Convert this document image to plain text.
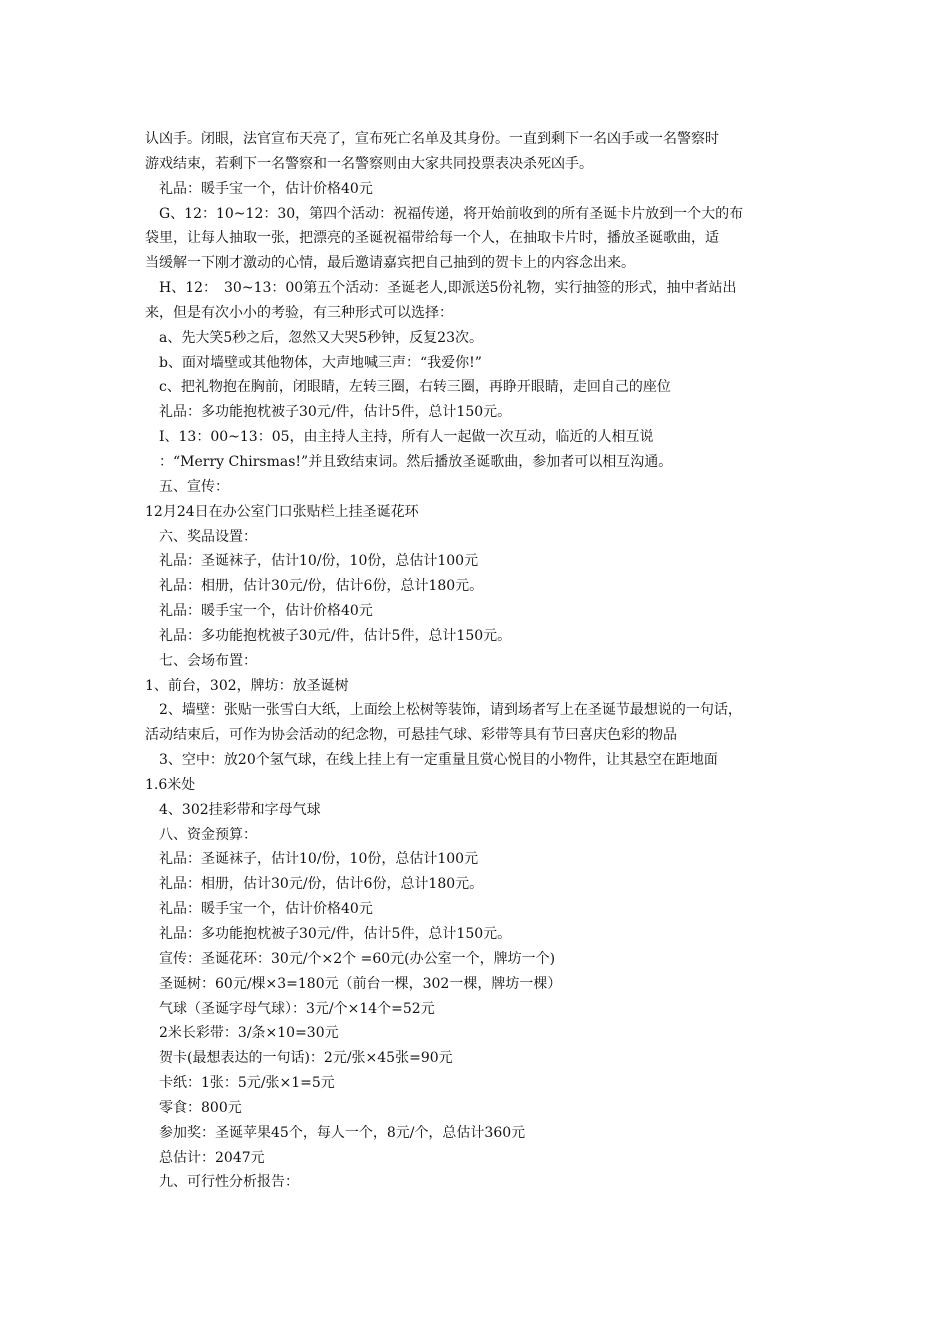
认凶手。闭眼，法官宣布天亮了，宣布死亡名单及其身份。一直到剩下一名凶手或一名警察时
游戏结束，若剩下一名警察和一名警察则由大家共同投票表决杀死凶手。
礼品：暖手宝一个，估计价格40元
G、12：10~12：30，第四个活动：祝福传递，将开始前收到的所有圣诞卡片放到一个大的布
袋里，让每人抽取一张，把漂亮的圣诞祝福带给每一个人，在抽取卡片时，播放圣诞歌曲，适
当缓解一下刚才激动的心情，最后邀请嘉宾把自己抽到的贺卡上的内容念出来。
H、12：　30~13：00第五个活动：圣诞老人,即派送5份礼物，实行抽签的形式，抽中者站出
来，但是有次小小的考验，有三种形式可以选择：
a、先大笑5秒之后，忽然又大哭5秒钟，反复23次。
b、面对墙壁或其他物体，大声地喊三声：“我爱你!”
c、把礼物抱在胸前，闭眼睛，左转三圈，右转三圈，再睁开眼睛，走回自己的座位
礼品：多功能抱枕被子30元/件，估计5件，总计150元。
I、13：00~13：05，由主持人主持，所有人一起做一次互动，临近的人相互说
：“Merry Chirsmas!”并且致结束词。然后播放圣诞歌曲，参加者可以相互沟通。
五、宣传：
12月24日在办公室门口张贴栏上挂圣诞花环
六、奖品设置：
礼品：圣诞袜子，估计10/份，10份，总估计100元
礼品：相册，估计30元/份，估计6份，总计180元。
礼品：暖手宝一个，估计价格40元
礼品：多功能抱枕被子30元/件，估计5件，总计150元。
七、会场布置：
1、前台，302，牌坊：放圣诞树
2、墙壁：张贴一张雪白大纸，上面绘上松树等装饰，请到场者写上在圣诞节最想说的一句话，
活动结束后，可作为协会活动的纪念物，可悬挂气球、彩带等具有节曰喜庆色彩的物品
3、空中：放20个氢气球，在线上挂上有一定重量且赏心悦目的小物件，让其悬空在距地面
1.6米处
4、302挂彩带和字母气球
八、资金预算：
礼品：圣诞袜子，估计10/份，10份，总估计100元
礼品：相册，估计30元/份，估计6份，总计180元。
礼品：暖手宝一个，估计价格40元
礼品：多功能抱枕被子30元/件，估计5件，总计150元。
宣传：圣诞花环：30元/个×2个 =60元(办公室一个，牌坊一个)
圣诞树：60元/棵×3=180元（前台一棵，302一棵，牌坊一棵）
气球（圣诞字母气球）：3元/个×14个=52元
2米长彩带：3/条×10=30元
贺卡(最想表达的一句话)：2元/张×45张=90元
卡纸：1张：5元/张×1=5元
零食：800元
参加奖：圣诞苹果45个，每人一个，8元/个，总估计360元
总估计：2047元
九、可行性分析报告：
